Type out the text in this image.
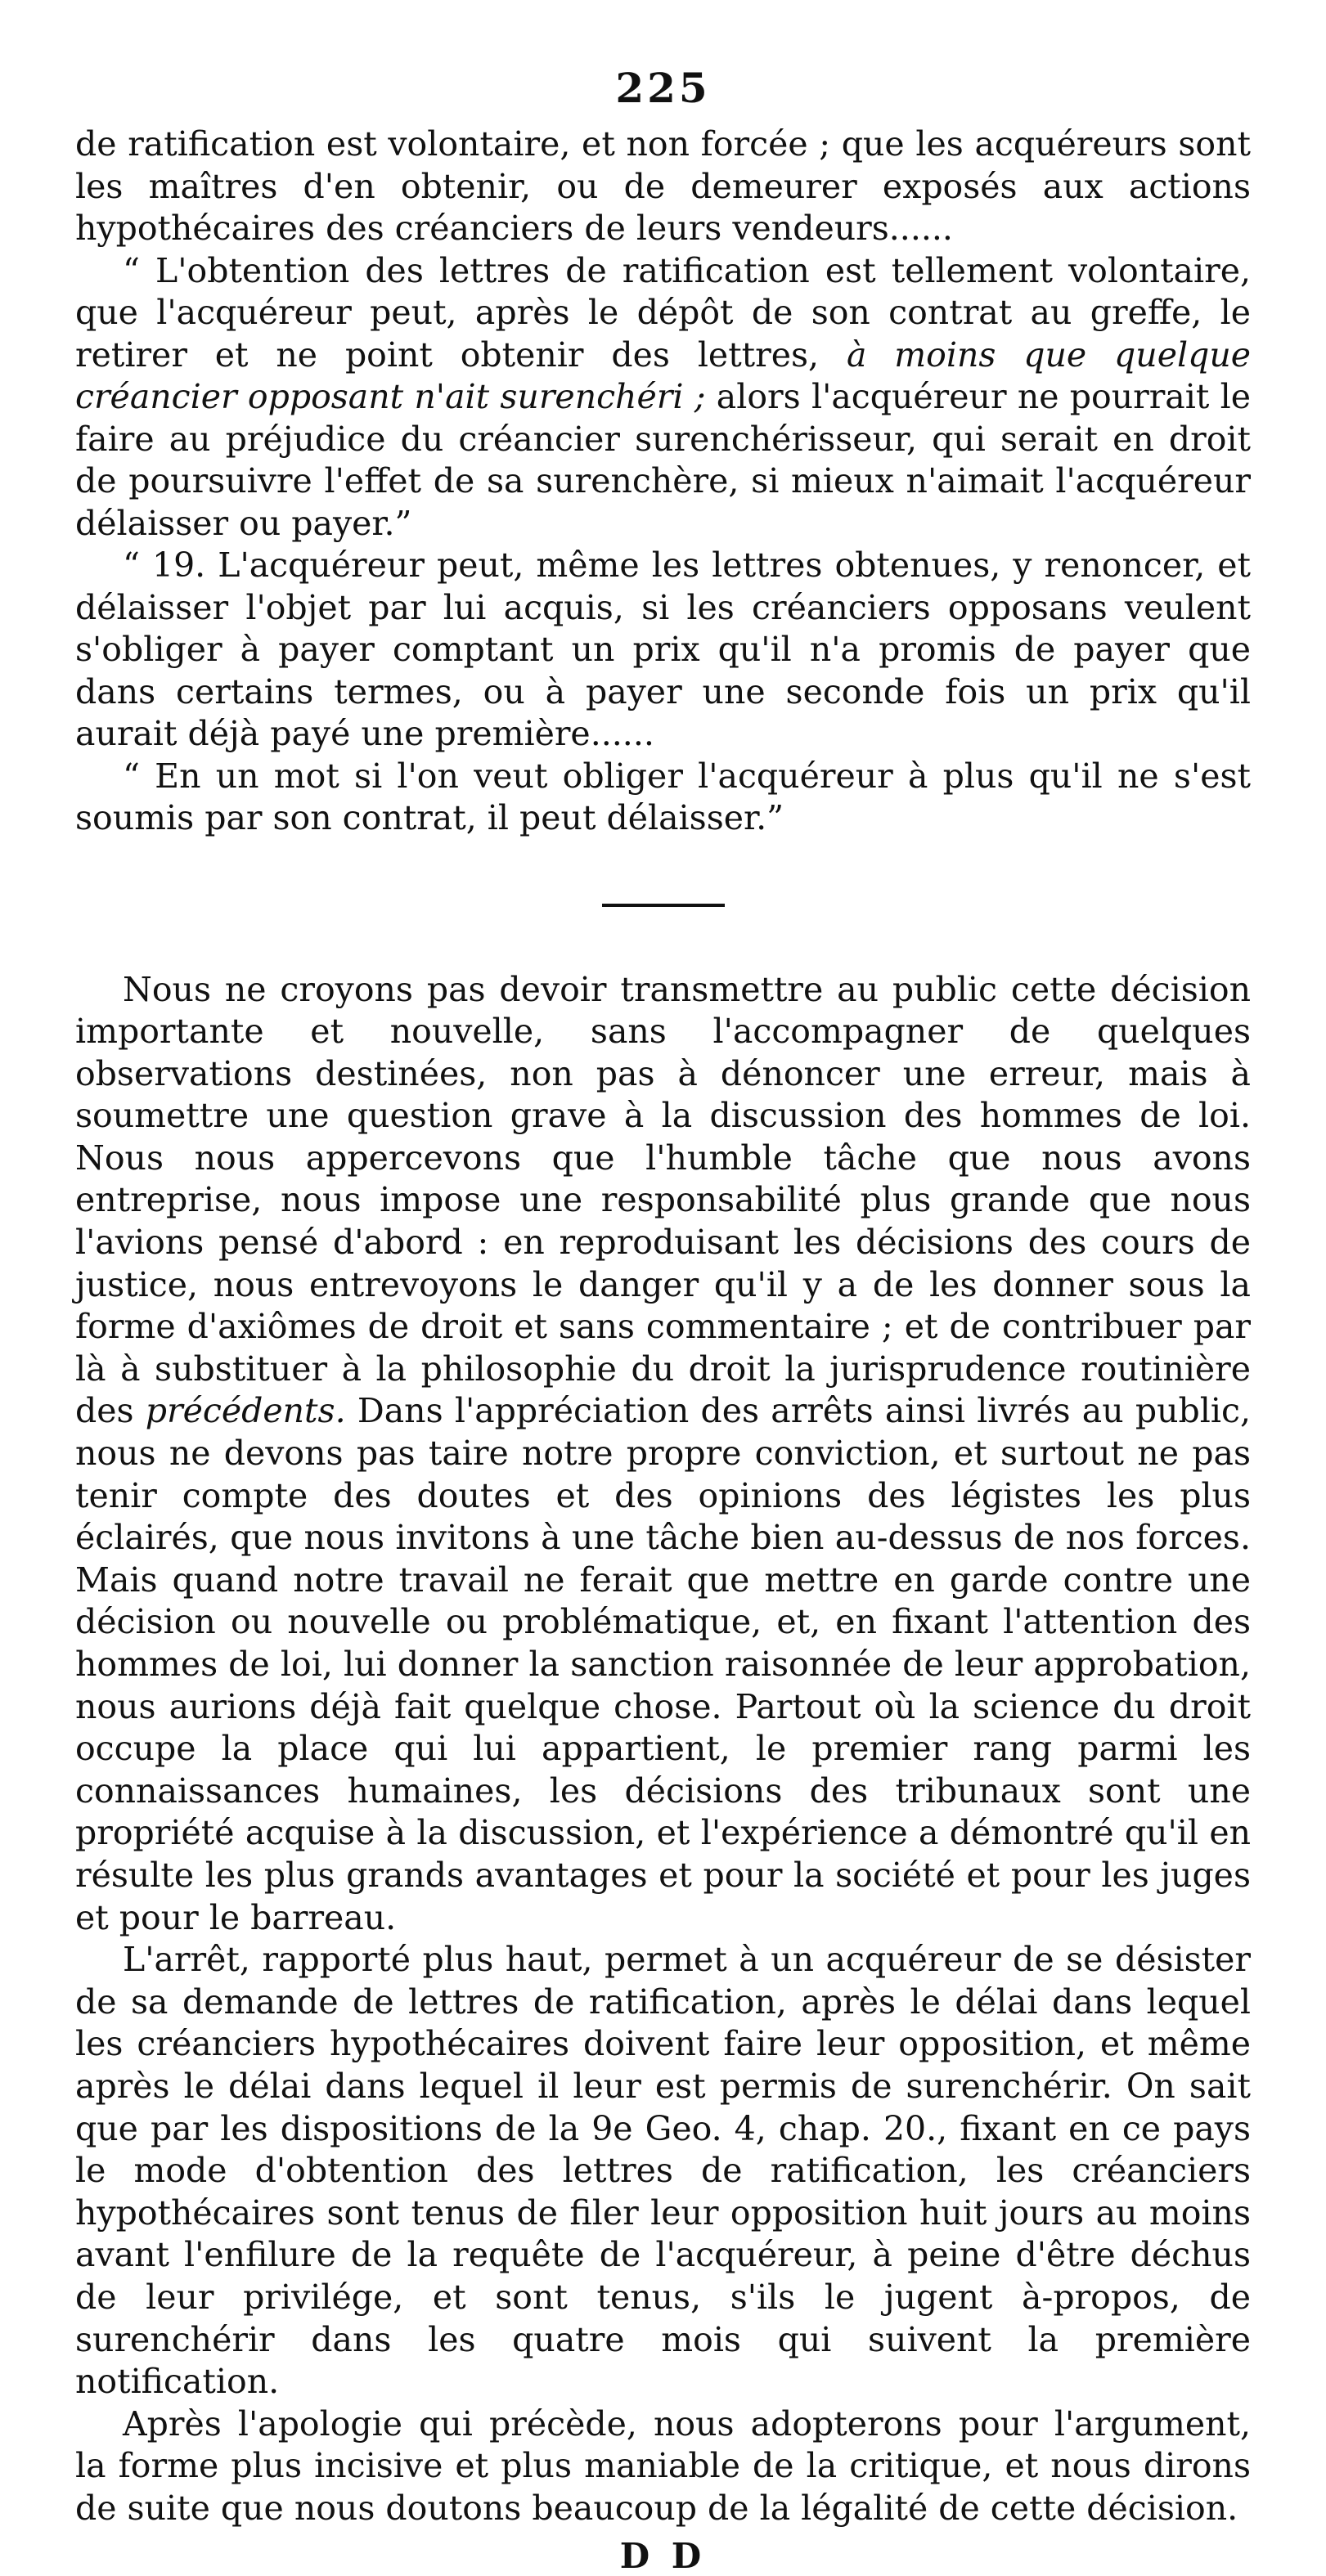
225

de ratification est volontaire, et non forcée ; que les acquéreurs sont les maîtres d'en obtenir, ou de demeurer exposés aux actions hypothécaires des créanciers de leurs vendeurs......

“ L'obtention des lettres de ratification est tellement volontaire, que l'acquéreur peut, après le dépôt de son contrat au greffe, le retirer et ne point obtenir des lettres, à moins que quelque créancier opposant n'ait surenchéri ; alors l'acquéreur ne pourrait le faire au préjudice du créancier surenchérisseur, qui serait en droit de poursuivre l'effet de sa surenchère, si mieux n'aimait l'acquéreur délaisser ou payer.”

“ 19. L'acquéreur peut, même les lettres obtenues, y renoncer, et délaisser l'objet par lui acquis, si les créanciers opposans veulent s'obliger à payer comptant un prix qu'il n'a promis de payer que dans certains termes, ou à payer une seconde fois un prix qu'il aurait déjà payé une première......

“ En un mot si l'on veut obliger l'acquéreur à plus qu'il ne s'est soumis par son contrat, il peut délaisser.”

Nous ne croyons pas devoir transmettre au public cette décision importante et nouvelle, sans l'accompagner de quelques observations destinées, non pas à dénoncer une erreur, mais à soumettre une question grave à la discussion des hommes de loi. Nous nous appercevons que l'humble tâche que nous avons entreprise, nous impose une responsabilité plus grande que nous l'avions pensé d'abord : en reproduisant les décisions des cours de justice, nous entrevoyons le danger qu'il y a de les donner sous la forme d'axiômes de droit et sans commentaire ; et de contribuer par là à substituer à la philosophie du droit la jurisprudence routinière des précédents. Dans l'appréciation des arrêts ainsi livrés au public, nous ne devons pas taire notre propre conviction, et surtout ne pas tenir compte des doutes et des opinions des légistes les plus éclairés, que nous invitons à une tâche bien au-dessus de nos forces. Mais quand notre travail ne ferait que mettre en garde contre une décision ou nouvelle ou problématique, et, en fixant l'attention des hommes de loi, lui donner la sanction raisonnée de leur approbation, nous aurions déjà fait quelque chose. Partout où la science du droit occupe la place qui lui appartient, le premier rang parmi les connaissances humaines, les décisions des tribunaux sont une propriété acquise à la discussion, et l'expérience a démontré qu'il en résulte les plus grands avantages et pour la société et pour les juges et pour le barreau.

L'arrêt, rapporté plus haut, permet à un acquéreur de se désister de sa demande de lettres de ratification, après le délai dans lequel les créanciers hypothécaires doivent faire leur opposition, et même après le délai dans lequel il leur est permis de surenchérir. On sait que par les dispositions de la 9e Geo. 4, chap. 20., fixant en ce pays le mode d'obtention des lettres de ratification, les créanciers hypothécaires sont tenus de filer leur opposition huit jours au moins avant l'enfilure de la requête de l'acquéreur, à peine d'être déchus de leur privilége, et sont tenus, s'ils le jugent à-propos, de surenchérir dans les quatre mois qui suivent la première notification.

Après l'apologie qui précède, nous adopterons pour l'argument, la forme plus incisive et plus maniable de la critique, et nous dirons de suite que nous doutons beaucoup de la légalité de cette décision.

D D
